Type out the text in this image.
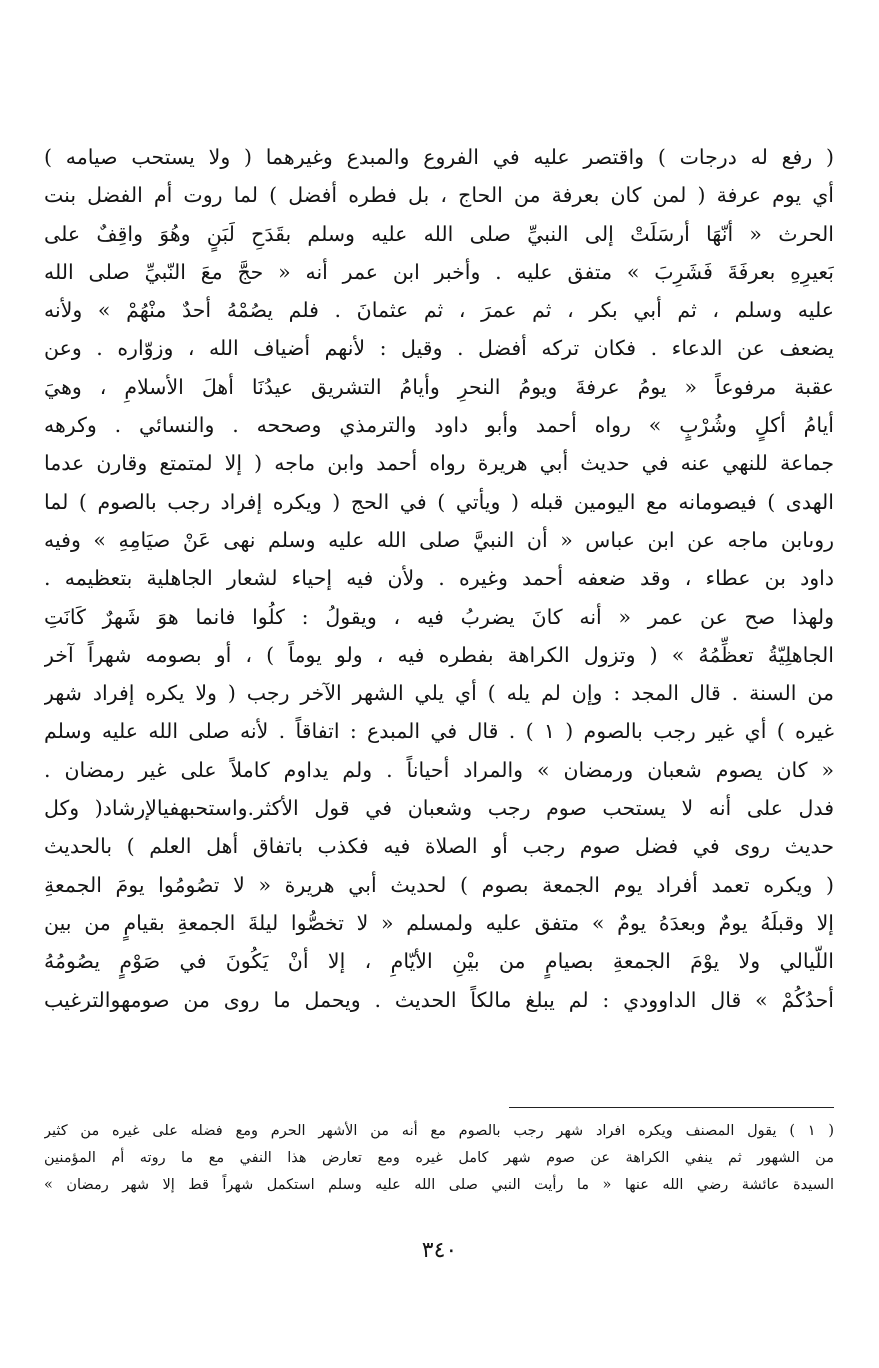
( رفع له درجات ) واقتصر عليه في الفروع والمبدع وغيرهما ( ولا يستحب صيامه )
أي يوم عرفة ( لمن كان بعرفة من الحاج ، بل فطره أفضل ) لما روت أم الفضل بنت
الحرث « أنّهَا أرسَلَتْ إلى النبيِّ صلى الله عليه وسلم بقَدَحِ لَبَنٍ وهُوَ واقِفٌ على
بَعيرِهِ بعرفَةَ فَشَرِبَ » متفق عليه . وأخبر ابن عمر أنه « حجَّ معَ النّبيِّ صلى الله
عليه وسلم ، ثم أبي بكر ، ثم عمرَ ، ثم عثمانَ . فلم يصُمْهُ أحدٌ منْهُمْ » ولأنه
يضعف عن الدعاء . فكان تركه أفضل . وقيل : لأنهم أضياف الله ، وزوّاره . وعن
عقبة مرفوعاً « يومُ عرفةَ ويومُ النحرِ وأيامُ التشريق عيدُنَا أهلَ الأسلامِ ، وهيَ
أيامُ أكلٍ وشُرْبٍ » رواه أحمد وأبو داود والترمذي وصححه . والنسائي . وكرهه
جماعة للنهي عنه في حديث أبي هريرة رواه أحمد وابن ماجه ( إلا لمتمتع وقارن عدما
الهدى ) فيصومانه مع اليومين قبله ( ويأتي ) في الحج ( ويكره إفراد رجب بالصوم ) لما
روىابن ماجه عن ابن عباس « أن النبيَّ صلى الله عليه وسلم نهى عَنْ صيَامِهِ » وفيه
داود بن عطاء ، وقد ضعفه أحمد وغيره . ولأن فيه إحياء لشعار الجاهلية بتعظيمه .
ولهذا صح عن عمر « أنه كانَ يضربُ فيه ، ويقولُ : كلُوا فانما هوَ شَهرٌ كَانَتِ
الجاهلِيّةُ تعظِّمُهُ » ( وتزول الكراهة بفطره فيه ، ولو يوماً ) ، أو بصومه شهراً آخر
من السنة . قال المجد : وإن لم يله ) أي يلي الشهر الآخر رجب ( ولا يكره إفراد شهر
غيره ) أي غير رجب بالصوم ( ١ ) . قال في المبدع : اتفاقاً . لأنه صلى الله عليه وسلم
« كان يصوم شعبان ورمضان » والمراد أحياناً . ولم يداوم كاملاً على غير رمضان .
فدل على أنه لا يستحب صوم رجب وشعبان في قول الأكثر.واستحبهفيالإرشاد( وكل
حديث روى في فضل صوم رجب أو الصلاة فيه فكذب باتفاق أهل العلم ) بالحديث
( ويكره تعمد أفراد يوم الجمعة بصوم ) لحديث أبي هريرة « لا تصُومُوا يومَ الجمعةِ
إلا وقبلَهُ يومٌ وبعدَهُ يومٌ » متفق عليه ولمسلم « لا تخصُّوا ليلةَ الجمعةِ بقيامٍ من بين
اللّيالي ولا يوْمَ الجمعةِ بصيامٍ من بيْنِ الأيّامِ ، إلا أنْ يَكُونَ في صَوْمٍ يصُومُهُ
أحدُكُمْ » قال الداوودي : لم يبلغ مالكاً الحديث . ويحمل ما روى من صومهوالترغيب
( ١ ) يقول المصنف ويكره افراد شهر رجب بالصوم مع أنه من الأشهر الحرم ومع فضله على غيره من كثير
من الشهور ثم ينفي الكراهة عن صوم شهر كامل غيره ومع تعارض هذا النفي مع ما روته أم المؤمنين
السيدة عائشة رضي الله عنها « ما رأيت النبي صلى الله عليه وسلم استكمل شهراً قط إلا شهر رمضان »
٣٤٠
